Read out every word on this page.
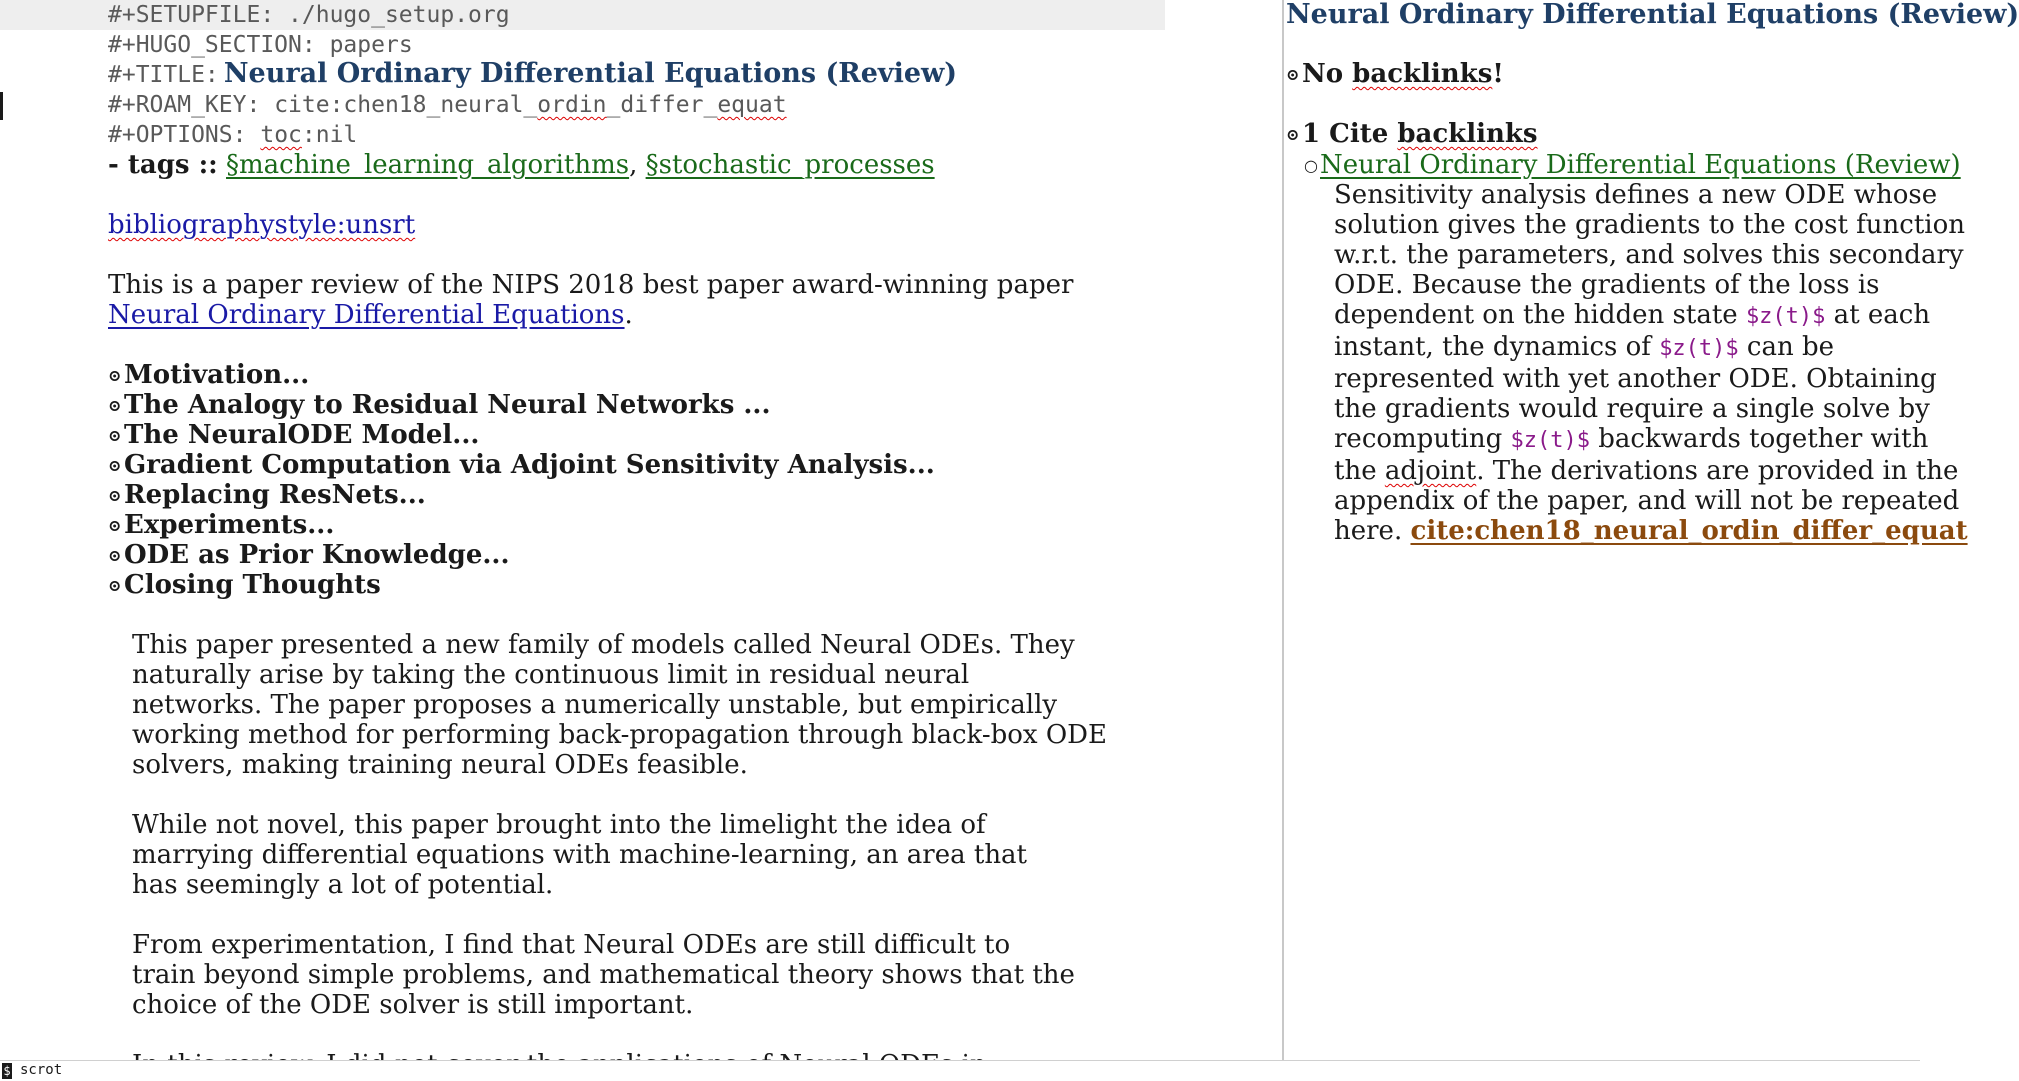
#+SETUPFILE: ./hugo_setup.org
#+HUGO_SECTION: papers
#+TITLE: Neural Ordinary Differential Equations (Review)
#+ROAM_KEY: cite:chen18_neural_ordin_differ_equat
#+OPTIONS: toc:nil
- tags :: §machine_learning_algorithms, §stochastic_processes
bibliographystyle:unsrt
This is a paper review of the NIPS 2018 best paper award-winning paper
Neural Ordinary Differential Equations.
⊙Motivation...
⊙The Analogy to Residual Neural Networks ...
⊙The NeuralODE Model...
⊙Gradient Computation via Adjoint Sensitivity Analysis...
⊙Replacing ResNets...
⊙Experiments...
⊙ODE as Prior Knowledge...
⊙Closing Thoughts
This paper presented a new family of models called Neural ODEs. They
naturally arise by taking the continuous limit in residual neural
networks. The paper proposes a numerically unstable, but empirically
working method for performing back-propagation through black-box ODE
solvers, making training neural ODEs feasible.
While not novel, this paper brought into the limelight the idea of
marrying differential equations with machine-learning, an area that
has seemingly a lot of potential.
From experimentation, I find that Neural ODEs are still difficult to
train beyond simple problems, and mathematical theory shows that the
choice of the ODE solver is still important.
Neural Ordinary Differential Equations (Review)
⊙No backlinks!
⊙1 Cite backlinks
○Neural Ordinary Differential Equations (Review)
Sensitivity analysis defines a new ODE whose
solution gives the gradients to the cost function
w.r.t. the parameters, and solves this secondary
ODE. Because the gradients of the loss is
dependent on the hidden state $z(t)$ at each
instant, the dynamics of $z(t)$ can be
represented with yet another ODE. Obtaining
the gradients would require a single solve by
recomputing $z(t)$ backwards together with
the adjoint. The derivations are provided in the
appendix of the paper, and will not be repeated
here. cite:chen18_neural_ordin_differ_equat
$ scrot
